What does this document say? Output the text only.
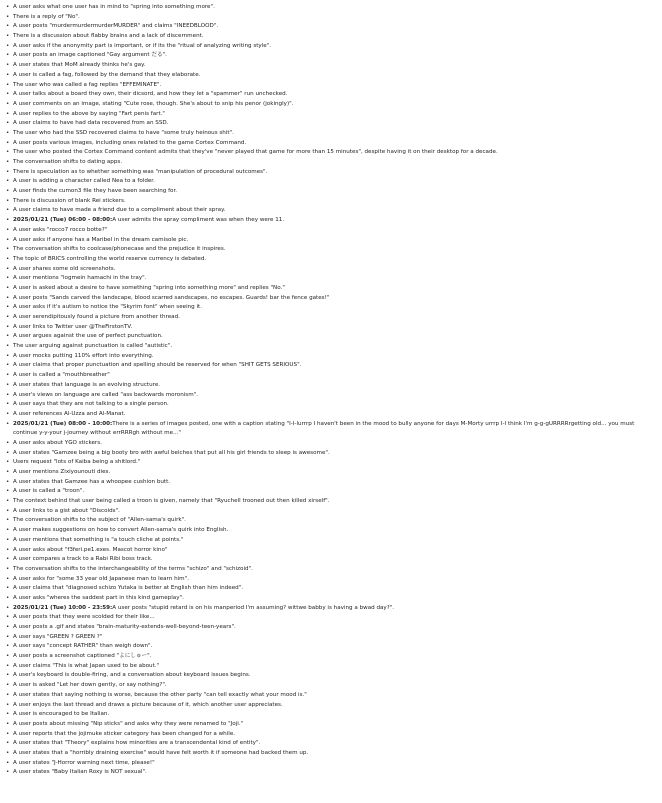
• A user asks what one user has in mind to "spring into something more".
• There is a reply of "No".
• A user posts "murdermurdermurderMURDER" and claims "INEEDBLOOD".
• There is a discussion about flabby brains and a lack of discernment.
• A user asks if the anonymity part is important, or if its the "ritual of analyzing writing style".
• A user posts an image captioned "Gay argument だる".
• A user states that MoM already thinks he's gay.
• A user is called a fag, followed by the demand that they elaborate.
• The user who was called a fag replies "EFFEMINATE".
• A user talks about a board they own, their dicsord, and how they let a "spammer" run unchecked.
• A user comments on an image, stating "Cute rose, though. She's about to snip his penor (jokingly)".
• A user replies to the above by saying "Fart penis fart."
• A user claims to have had data recovered from an SSD.
• The user who had the SSD recovered claims to have "some truly heinous shit".
• A user posts various images, including ones related to the game Cortex Command.
• The user who posted the Cortex Command content admits that they've "never played that game for more than 15 minutes", despite having it on their desktop for a decade.
• The conversation shifts to dating apps.
• There is speculation as to whether something was "manipulation of procedural outcomes".
• A user is adding a character called Nea to a folder.
• A user finds the cumon3 file they have been searching for.
• There is discussion of blank Rei stickers.
• A user claims to have made a friend due to a compliment about their spray.
• 2025/01/21 (Tue) 06:00 - 08:00:A user admits the spray compliment was when they were 11.
• A user asks "rocco7 rocco botte?"
• A user asks if anyone has a Maribel in the dream camisole pic.
• The conversation shifts to coolcase/phonecase and the prejudice it inspires.
• The topic of BRICS controlling the world reserve currency is debated.
• A user shares some old screenshots.
• A user mentions "logmein hamachi in the tray".
• A user is asked about a desire to have something "spring into something more" and replies "No."
• A user posts "Sands carved the landscape, blood scarred sandscapes, no escapes. Guards! bar the fence gates!"
• A user asks if it's autism to notice the "Skyrim font" when seeing it.
• A user serendipitously found a picture from another thread.
• A user links to Twitter user @TheFirstonTV.
• A user argues against the use of perfect punctuation.
• The user arguing against punctuation is called "autistic".
• A user mocks putting 110% effort into everything.
• A user claims that proper punctuation and spelling should be reserved for when "SHIT GETS SERIOUS".
• A user is called a "mouthbreather"
• A user states that language is an evolving structure.
• A user's views on language are called "ass backwards moronism".
• A user says that they are not talking to a single person.
• A user references Al-Uzza and Al-Manat.
• 2025/01/21 (Tue) 08:00 - 10:00:There is a series of images posted, one with a caption stating "I-I-lurrrp I haven't been in the mood to bully anyone for days M-Morty urrrp I-I think I'm g-g-gURRRRrgetting old... you must continue y-y-your j-journey without errRRRgh without me..."
• A user asks about YGO stickers.
• A user states "Gamzee being a big booty bro with awful belches that put all his girl friends to sleep is awesome".
• Users request "lots of Kaiba being a shitlord."
• A user mentions Zixiyounouti dies.
• A user states that Gamzee has a whoopee cushion butt.
• A user is called a "troon".
• The context behind that user being called a troon is given, namely that "Ryuchell trooned out then killed xirself".
• A user links to a gist about "Discoids".
• The conversation shifts to the subject of "Allen-sama's quirk".
• A user makes suggestions on how to convert Allen-sama's quirk into English.
• A user mentions that something is "a touch cliche at points."
• A user asks about "f3feri.pe1.exes. Mascot horror kino"
• A user compares a track to a Rabi Ribi boss track.
• The conversation shifts to the interchangeability of the terms "schizo" and "schizoid".
• A user asks for "some 33 year old Japanese man to learn him".
• A user claims that "diagnosed schizo Yutaka is better at English than him indeed".
• A user asks "wheres the saddest part in this kind gameplay".
• 2025/01/21 (Tue) 10:00 - 23:59:A user posts "stupid retard is on his manperiod I'm assuming? wittwe babby is having a bwad day?".
• A user posts that they were scolded for their like...
• A user posts a .gif and states "brain-maturity-extends-well-beyond-teen-years".
• A user says "GREEN ? GREEN ?"
• A user says "concept RATHER" than weigh down".
• A user posts a screenshot captioned "よにしゅー".
• A user claims "This is what Japan used to be about."
• A user's keyboard is double-firing, and a conversation about keyboard issues begins.
• A user is asked "Let her down gently, or say nothing?".
• A user states that saying nothing is worse, because the other party "can tell exactly what your mood is."
• A user enjoys the last thread and draws a picture because of it, which another user appreciates.
• A user is encouraged to be Italian.
• A user posts about missing "Nip sticks" and asks why they were renamed to "Joji."
• A user reports that the jojimuke sticker category has been changed for a while.
• A user states that "Theory" explains how minorities are a transcendental kind of entity".
• A user states that a "horribly draining exercise" would have felt worth it if someone had backed them up.
• A user states "J-Horror warning next time, please!"
• A user states "Baby Italian Roxy is NOT sexual".
